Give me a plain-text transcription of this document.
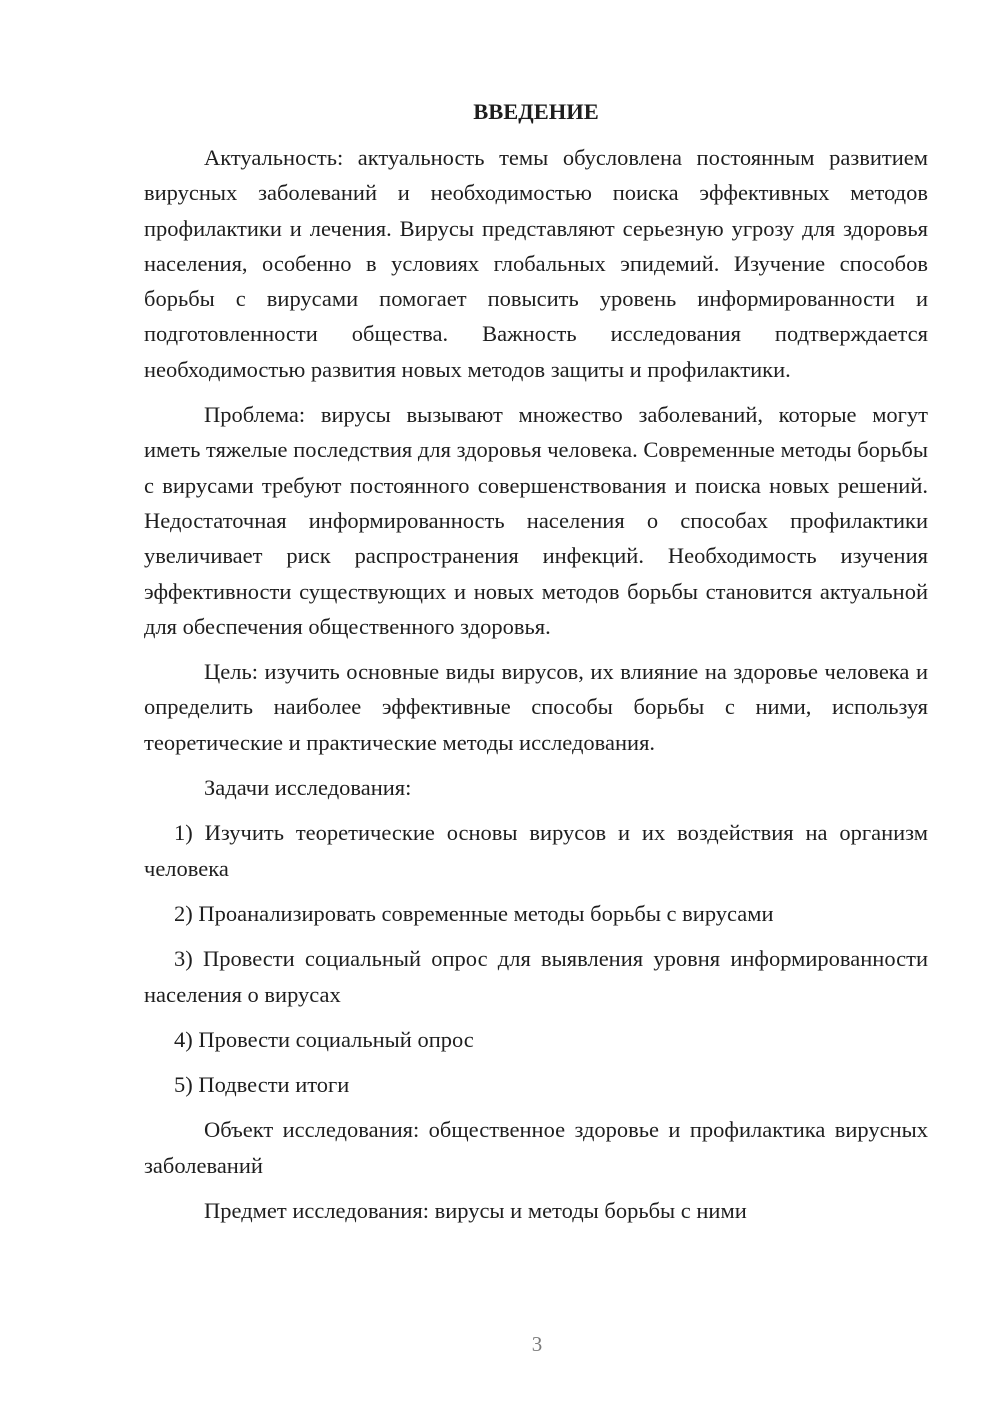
ВВЕДЕНИЕ

Актуальность: актуальность темы обусловлена постоянным развитием вирусных заболеваний и необходимостью поиска эффективных методов профилактики и лечения. Вирусы представляют серьезную угрозу для здоровья населения, особенно в условиях глобальных эпидемий. Изучение способов борьбы с вирусами помогает повысить уровень информированности и подготовленности общества. Важность исследования подтверждается необходимостью развития новых методов защиты и профилактики.

Проблема: вирусы вызывают множество заболеваний, которые могут иметь тяжелые последствия для здоровья человека. Современные методы борьбы с вирусами требуют постоянного совершенствования и поиска новых решений. Недостаточная информированность населения о способах профилактики увеличивает риск распространения инфекций. Необходимость изучения эффективности существующих и новых методов борьбы становится актуальной для обеспечения общественного здоровья.

Цель: изучить основные виды вирусов, их влияние на здоровье человека и определить наиболее эффективные способы борьбы с ними, используя теоретические и практические методы исследования.

Задачи исследования:

1) Изучить теоретические основы вирусов и их воздействия на организм человека

2) Проанализировать современные методы борьбы с вирусами

3) Провести социальный опрос для выявления уровня информированности населения о вирусах

4) Провести социальный опрос

5) Подвести итоги

Объект исследования: общественное здоровье и профилактика вирусных заболеваний

Предмет исследования: вирусы и методы борьбы с ними

3
